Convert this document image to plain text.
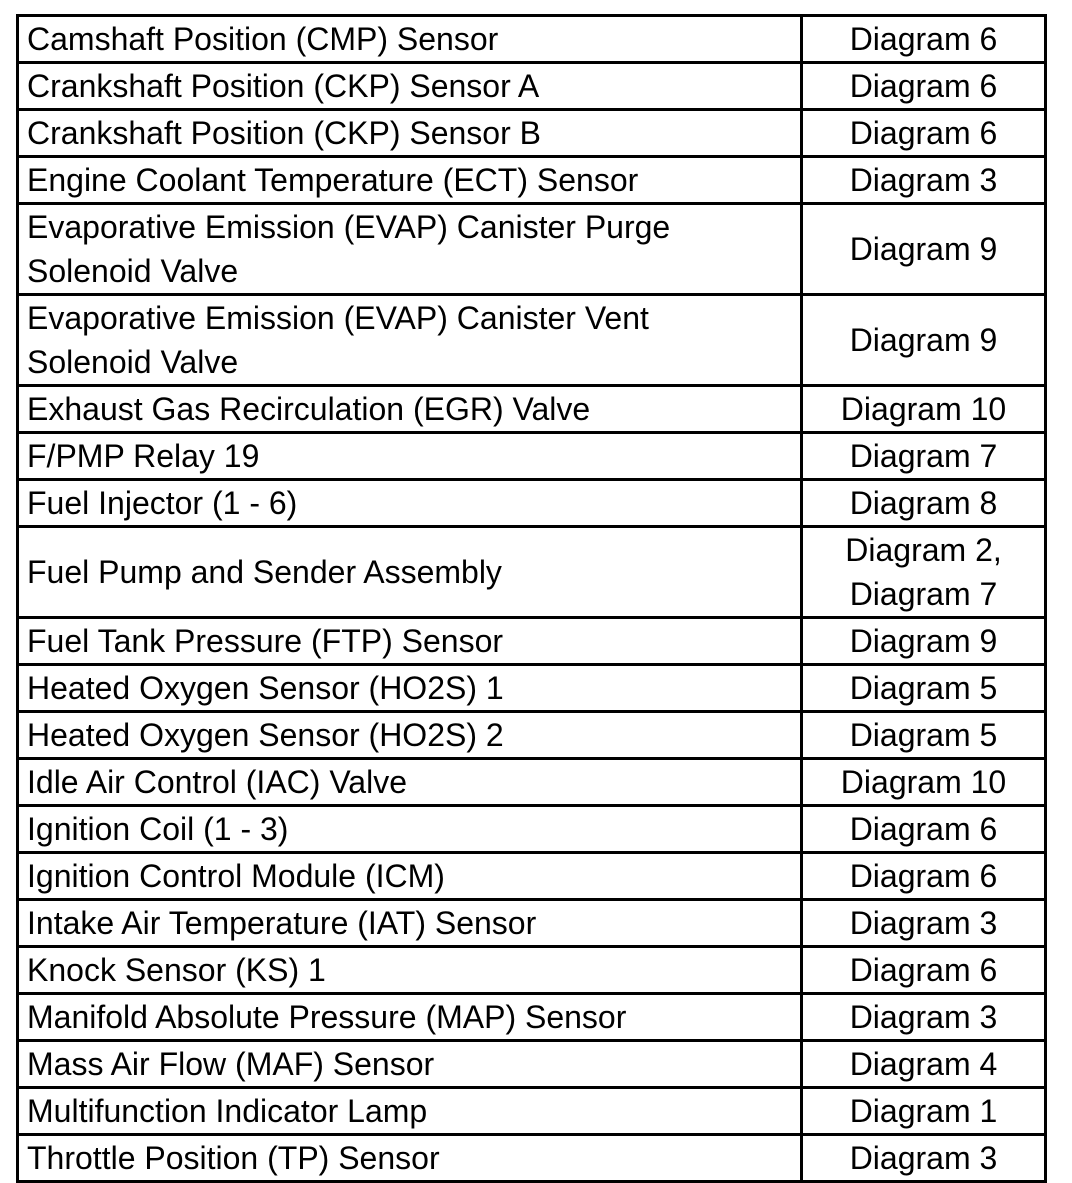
Camshaft Position (CMP) Sensor	Diagram 6
Crankshaft Position (CKP) Sensor A	Diagram 6
Crankshaft Position (CKP) Sensor B	Diagram 6
Engine Coolant Temperature (ECT) Sensor	Diagram 3
Evaporative Emission (EVAP) Canister Purge
Solenoid Valve	Diagram 9
Evaporative Emission (EVAP) Canister Vent
Solenoid Valve	Diagram 9
Exhaust Gas Recirculation (EGR) Valve	Diagram 10
F/PMP Relay 19	Diagram 7
Fuel Injector (1 - 6)	Diagram 8
Fuel Pump and Sender Assembly	Diagram 2,
Diagram 7
Fuel Tank Pressure (FTP) Sensor	Diagram 9
Heated Oxygen Sensor (HO2S) 1	Diagram 5
Heated Oxygen Sensor (HO2S) 2	Diagram 5
Idle Air Control (IAC) Valve	Diagram 10
Ignition Coil (1 - 3)	Diagram 6
Ignition Control Module (ICM)	Diagram 6
Intake Air Temperature (IAT) Sensor	Diagram 3
Knock Sensor (KS) 1	Diagram 6
Manifold Absolute Pressure (MAP) Sensor	Diagram 3
Mass Air Flow (MAF) Sensor	Diagram 4
Multifunction Indicator Lamp	Diagram 1
Throttle Position (TP) Sensor	Diagram 3
